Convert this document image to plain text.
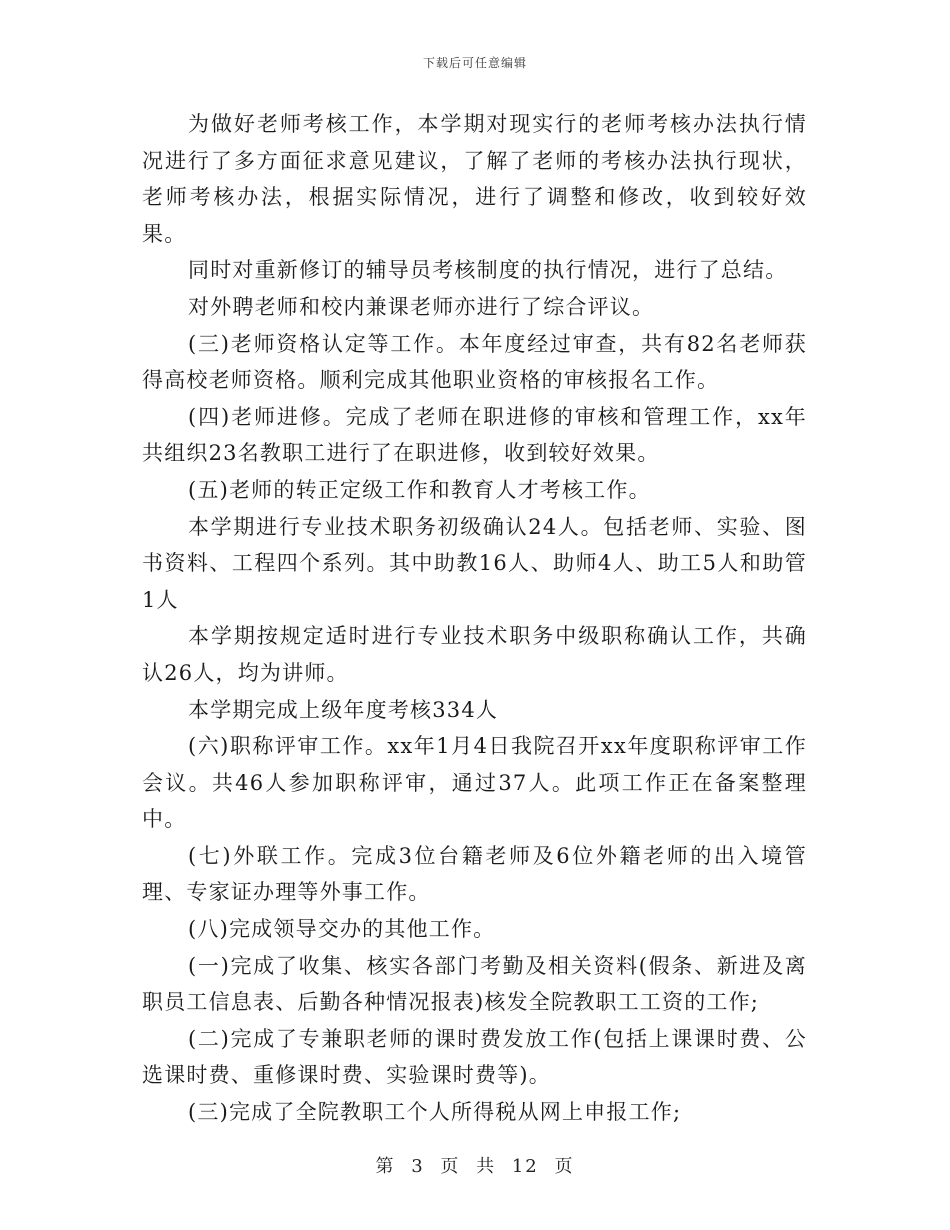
下载后可任意编辑

为做好老师考核工作，本学期对现实行的老师考核办法执行情况进行了多方面征求意见建议，了解了老师的考核办法执行现状，老师考核办法，根据实际情况，进行了调整和修改，收到较好效果。

同时对重新修订的辅导员考核制度的执行情况，进行了总结。

对外聘老师和校内兼课老师亦进行了综合评议。

(三)老师资格认定等工作。本年度经过审查，共有82名老师获得高校老师资格。顺利完成其他职业资格的审核报名工作。

(四)老师进修。完成了老师在职进修的审核和管理工作，xx年共组织23名教职工进行了在职进修，收到较好效果。

(五)老师的转正定级工作和教育人才考核工作。

本学期进行专业技术职务初级确认24人。包括老师、实验、图书资料、工程四个系列。其中助教16人、助师4人、助工5人和助管1人

本学期按规定适时进行专业技术职务中级职称确认工作，共确认26人，均为讲师。

本学期完成上级年度考核334人

(六)职称评审工作。xx年1月4日我院召开xx年度职称评审工作会议。共46人参加职称评审，通过37人。此项工作正在备案整理中。

(七)外联工作。完成3位台籍老师及6位外籍老师的出入境管理、专家证办理等外事工作。

(八)完成领导交办的其他工作。

(一)完成了收集、核实各部门考勤及相关资料(假条、新进及离职员工信息表、后勤各种情况报表)核发全院教职工工资的工作;

(二)完成了专兼职老师的课时费发放工作(包括上课课时费、公选课时费、重修课时费、实验课时费等)。

(三)完成了全院教职工个人所得税从网上申报工作;

第 3 页 共 12 页
